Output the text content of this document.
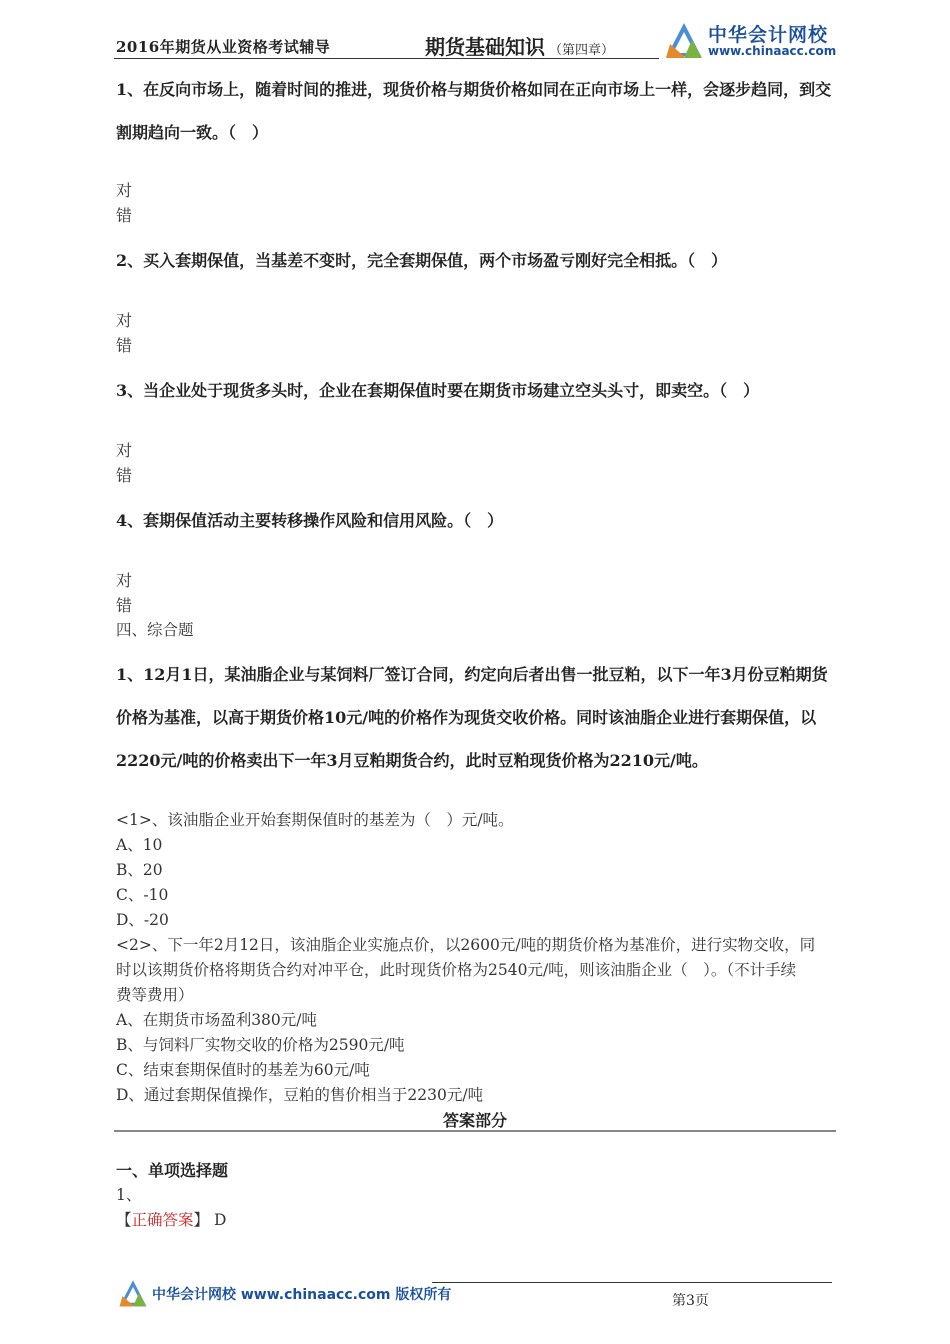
2016年期货从业资格考试辅导	期货基础知识 （第四章）
中华会计网校
www.chinaacc.com
1、在反向市场上，随着时间的推进，现货价格与期货价格如同在正向市场上一样，会逐步趋同，到交
割期趋向一致。（　）
对
错
2、买入套期保值，当基差不变时，完全套期保值，两个市场盈亏刚好完全相抵。（　）
对
错
3、当企业处于现货多头时，企业在套期保值时要在期货市场建立空头头寸，即卖空。（　）
对
错
4、套期保值活动主要转移操作风险和信用风险。（　）
对
错
四、综合题
1、12月1日，某油脂企业与某饲料厂签订合同，约定向后者出售一批豆粕，以下一年3月份豆粕期货
价格为基准，以高于期货价格10元/吨的价格作为现货交收价格。同时该油脂企业进行套期保值，以
2220元/吨的价格卖出下一年3月豆粕期货合约，此时豆粕现货价格为2210元/吨。
<1>、该油脂企业开始套期保值时的基差为（　）元/吨。
A、10
B、20
C、-10
D、-20
<2>、下一年2月12日，该油脂企业实施点价，以2600元/吨的期货价格为基准价，进行实物交收，同
时以该期货价格将期货合约对冲平仓，此时现货价格为2540元/吨，则该油脂企业（　）。（不计手续
费等费用）
A、在期货市场盈利380元/吨
B、与饲料厂实物交收的价格为2590元/吨
C、结束套期保值时的基差为60元/吨
D、通过套期保值操作，豆粕的售价相当于2230元/吨
答案部分
一、单项选择题
1、
【正确答案】 D
中华会计网校 www.chinaacc.com 版权所有	第3页
